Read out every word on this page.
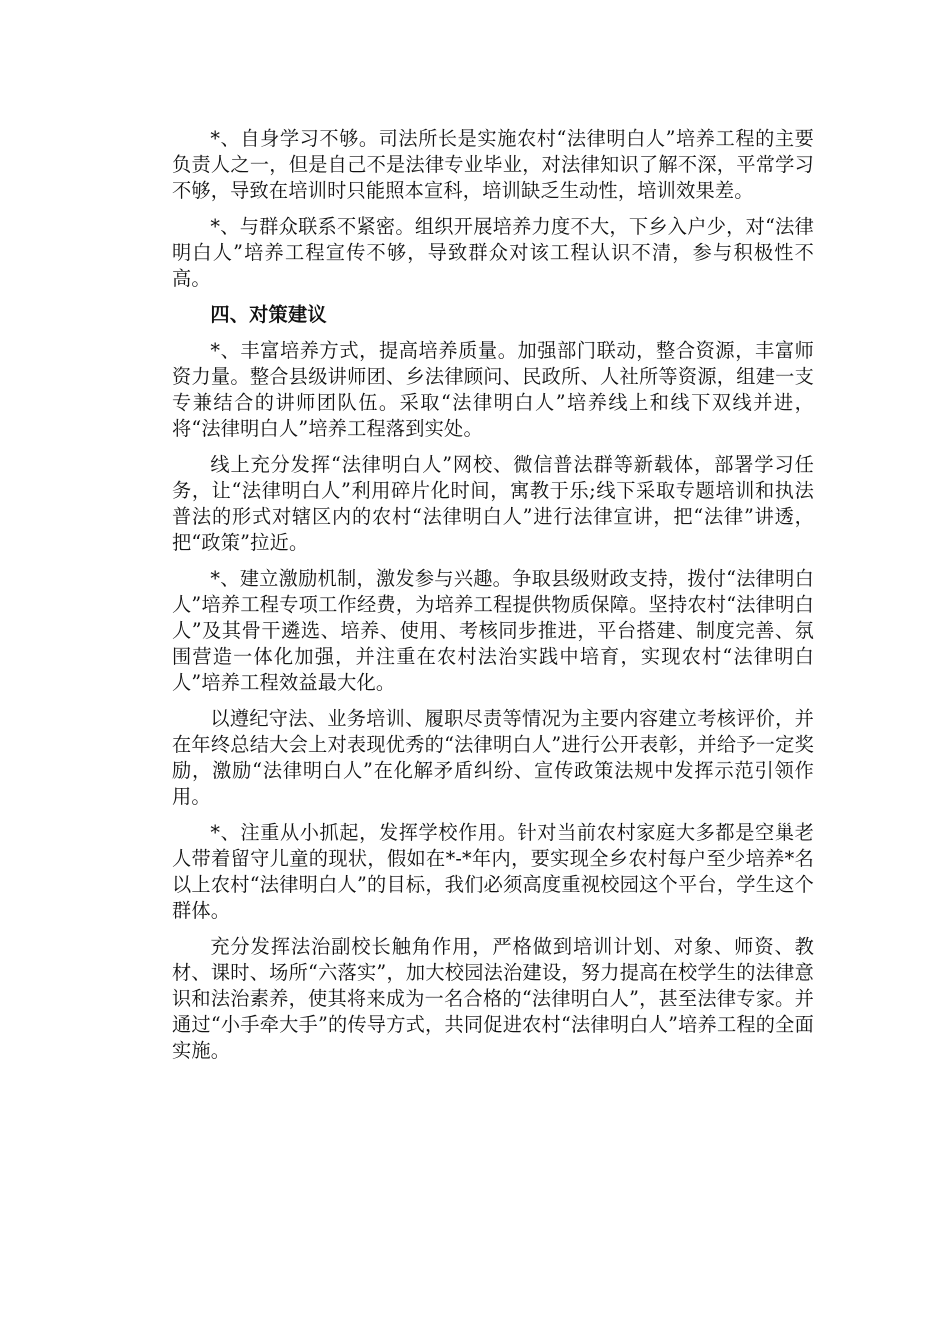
*、自身学习不够。司法所长是实施农村“法律明白人”培养工程的主要负责人之一，但是自己不是法律专业毕业，对法律知识了解不深，平常学习不够，导致在培训时只能照本宣科，培训缺乏生动性，培训效果差。

*、与群众联系不紧密。组织开展培养力度不大，下乡入户少，对“法律明白人”培养工程宣传不够，导致群众对该工程认识不清，参与积极性不高。

四、对策建议

*、丰富培养方式，提高培养质量。加强部门联动，整合资源，丰富师资力量。整合县级讲师团、乡法律顾问、民政所、人社所等资源，组建一支专兼结合的讲师团队伍。采取“法律明白人”培养线上和线下双线并进，将“法律明白人”培养工程落到实处。

线上充分发挥“法律明白人”网校、微信普法群等新载体，部署学习任务，让“法律明白人”利用碎片化时间，寓教于乐;线下采取专题培训和执法普法的形式对辖区内的农村“法律明白人”进行法律宣讲，把“法律”讲透，把“政策”拉近。

*、建立激励机制，激发参与兴趣。争取县级财政支持，拨付“法律明白人”培养工程专项工作经费，为培养工程提供物质保障。坚持农村“法律明白人”及其骨干遴选、培养、使用、考核同步推进，平台搭建、制度完善、氛围营造一体化加强，并注重在农村法治实践中培育，实现农村“法律明白人”培养工程效益最大化。

以遵纪守法、业务培训、履职尽责等情况为主要内容建立考核评价，并在年终总结大会上对表现优秀的“法律明白人”进行公开表彰，并给予一定奖励，激励“法律明白人”在化解矛盾纠纷、宣传政策法规中发挥示范引领作用。

*、注重从小抓起，发挥学校作用。针对当前农村家庭大多都是空巢老人带着留守儿童的现状，假如在*-*年内，要实现全乡农村每户至少培养*名以上农村“法律明白人”的目标，我们必须高度重视校园这个平台，学生这个群体。

充分发挥法治副校长触角作用，严格做到培训计划、对象、师资、教材、课时、场所“六落实”，加大校园法治建设，努力提高在校学生的法律意识和法治素养，使其将来成为一名合格的“法律明白人”，甚至法律专家。并通过“小手牵大手”的传导方式，共同促进农村“法律明白人”培养工程的全面实施。
